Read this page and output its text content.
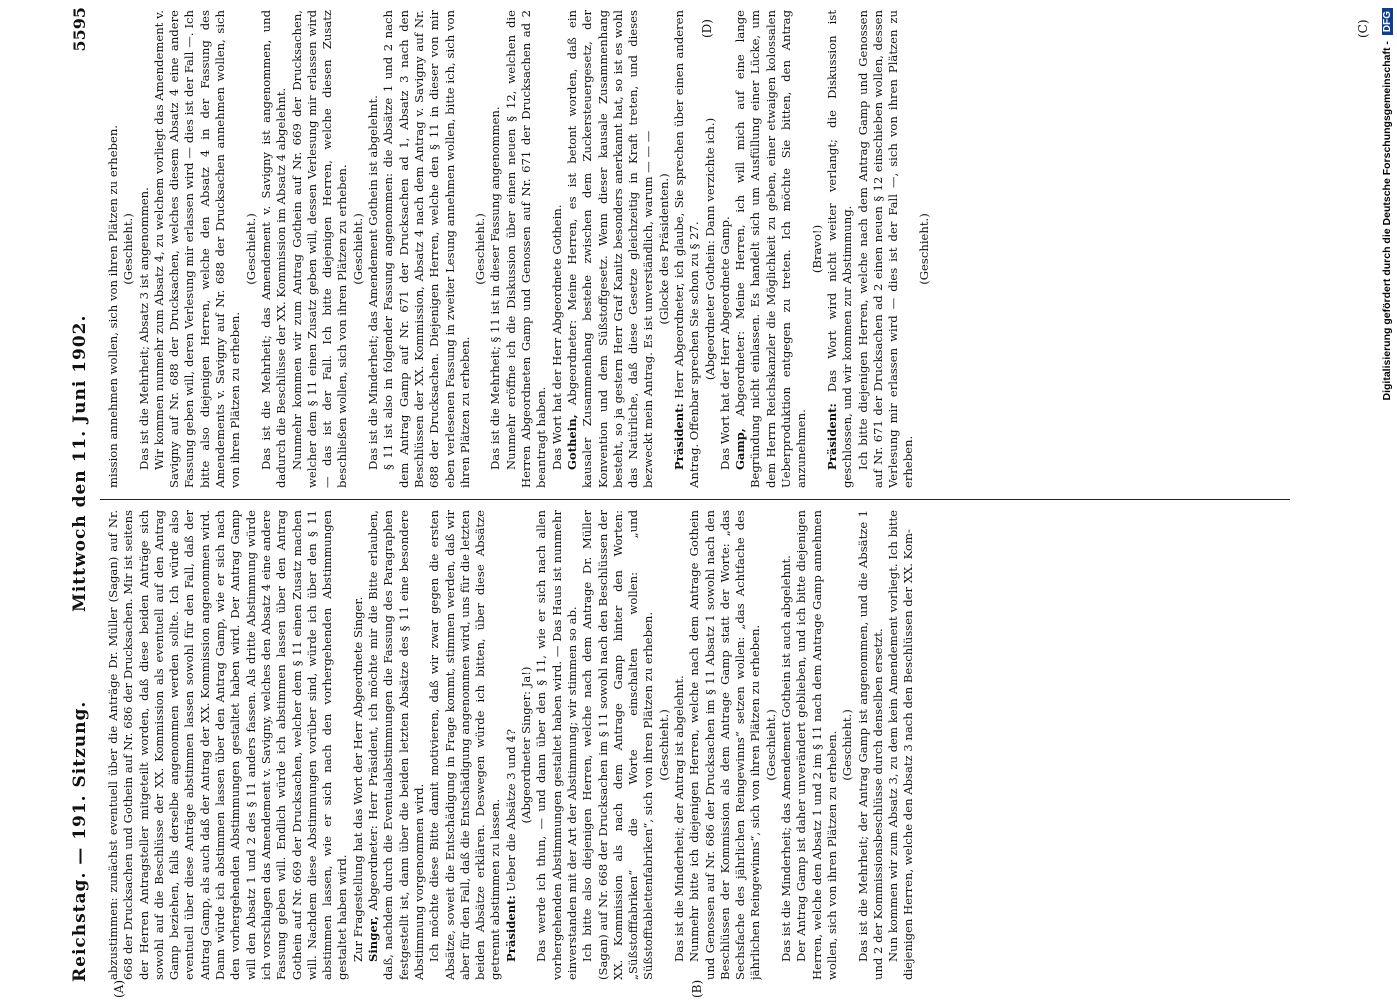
Reichstag. — 191. Sitzung.
Mittwoch den 11. Juni 1902.
5595
(A)	(B)
(C)
(D)

abzustimmen: zunächst eventuell über die Anträge Dr. Müller (Sagan) auf Nr. 668 der Drucksachen und Gothein auf Nr. 686 der Drucksachen. Mir ist seitens der Herren Antragsteller mitgeteilt worden, daß diese beiden Anträge sich sowohl auf die Beschlüsse der XX. Kommission als eventuell auf den Antrag Gamp beziehen, falls derselbe angenommen werden sollte. Ich würde also eventuell über diese Anträge abstimmen lassen sowohl für den Fall, daß der Antrag Gamp, als auch daß der Antrag der XX. Kommission angenommen wird. Dann würde ich abstimmen lassen über den Antrag Gamp, wie er sich nach den vorhergehenden Abstimmungen gestaltet haben wird. Der Antrag Gamp will den Absatz 1 und 2 des § 11 anders fassen. Als dritte Abstimmung würde ich vorschlagen das Amendement v. Savigny, welches den Absatz 4 eine andere Fassung geben will. Endlich würde ich abstimmen lassen über den Antrag Gothein auf Nr. 669 der Drucksachen, welcher dem § 11 einen Zusatz machen will. Nachdem diese Abstimmungen vorüber sind, würde ich über den § 11 abstimmen lassen, wie er sich nach den vorhergehenden Abstimmungen gestaltet haben wird. Zur Fragestellung hat das Wort der Herr Abgeordnete Singer. Singer, Abgeordneter: Herr Präsident, ich möchte mir die Bitte erlauben, daß, nachdem durch die Eventualabstimmungen die Fassung des Paragraphen festgestellt ist, dann über die beiden letzten Absätze des § 11 eine besondere Abstimmung vorgenommen wird. Ich möchte diese Bitte damit motivieren, daß wir zwar gegen die ersten Absätze, soweit die Entschädigung in Frage kommt, stimmen werden, daß wir aber für den Fall, daß die Entschädigung angenommen wird, uns für die letzten beiden Absätze erklären. Deswegen würde ich bitten, über diese Absätze getrennt abstimmen zu lassen. Präsident: Ueber die Absätze 3 und 4? (Abgeordneter Singer: Ja!) Das werde ich thun, — und dann über den § 11, wie er sich nach allen vorhergehenden Abstimmungen gestaltet haben wird. — Das Haus ist nunmehr einverstanden mit der Art der Abstimmung; wir stimmen so ab. Ich bitte also diejenigen Herren, welche nach dem Antrage Dr. Müller (Sagan) auf Nr. 668 der Drucksachen im § 11 sowohl nach den Beschlüssen der XX. Kommission als nach dem Antrage Gamp hinter den Worten: „Süßstofffabriken“ die Worte einschalten wollen: „und Süßstofftablettenfabriken“, sich von ihren Plätzen zu erheben. (Geschieht.) Das ist die Minderheit; der Antrag ist abgelehnt. Nunmehr bitte ich diejenigen Herren, welche nach dem Antrage Gothein und Genossen auf Nr. 686 der Drucksachen im § 11 Absatz 1 sowohl nach den Beschlüssen der Kommission als dem Antrage Gamp statt der Worte: „das Sechsfache des jährlichen Reingewinns“ setzen wollen: „das Achtfache des jährlichen Reingewinns“, sich von ihren Plätzen zu erheben. (Geschieht.) Das ist die Minderheit; das Amendement Gothein ist auch abgelehnt. Der Antrag Gamp ist daher unverändert geblieben, und ich bitte diejenigen Herren, welche den Absatz 1 und 2 im § 11 nach dem Antrage Gamp annehmen wollen, sich von ihren Plätzen zu erheben. (Geschieht.) Das ist die Mehrheit; der Antrag Gamp ist angenommen, und die Absätze 1 und 2 der Kommissionsbeschlüsse durch denselben ersetzt. Nun kommen wir zum Absatz 3, zu dem kein Amendement vorliegt. Ich bitte diejenigen Herren, welche den Absatz 3 nach den Beschlüssen der XX. Kom-

mission annehmen wollen, sich von ihren Plätzen zu erheben. (Geschieht.) Das ist die Mehrheit; Absatz 3 ist angenommen. Wir kommen nunmehr zum Absatz 4, zu welchem vorliegt das Amendement v. Savigny auf Nr. 688 der Drucksachen, welches diesem Absatz 4 eine andere Fassung geben will, deren Verlesung mir erlassen wird — dies ist der Fall —. Ich bitte also diejenigen Herren, welche den Absatz 4 in der Fassung des Amendements v. Savigny auf Nr. 688 der Drucksachen annehmen wollen, sich von ihren Plätzen zu erheben.

(Geschieht.) Das ist die Mehrheit; das Amendement v. Savigny ist angenommen, und dadurch die Beschlüsse der XX. Kommission im Absatz 4 abgelehnt. Nunmehr kommen wir zum Antrag Gothein auf Nr. 669 der Drucksachen, welcher dem § 11 einen Zusatz geben will, dessen Verlesung mir erlassen wird — das ist der Fall. Ich bitte diejenigen Herren, welche diesen Zusatz beschließen wollen, sich von ihren Plätzen zu erheben. (Geschieht.) Das ist die Minderheit; das Amendement Gothein ist abgelehnt. § 11 ist also in folgender Fassung angenommen: die Absätze 1 und 2 nach dem Antrag Gamp auf Nr. 671 der Drucksachen ad 1, Absatz 3 nach den Beschlüssen der XX. Kommission, Absatz 4 nach dem Antrag v. Savigny auf Nr. 688 der Drucksachen. Diejenigen Herren, welche den § 11 in dieser von mir eben verlesenen Fassung in zweiter Lesung annehmen wollen, bitte ich, sich von ihren Plätzen zu erheben.

(Geschieht.) Das ist die Mehrheit; § 11 ist in dieser Fassung angenommen. Nunmehr eröffne ich die Diskussion über einen neuen § 12, welchen die Herren Abgeordneten Gamp und Genossen auf Nr. 671 der Drucksachen ad 2 beantragt haben. Das Wort hat der Herr Abgeordnete Gothein. Gothein, Abgeordneter: Meine Herren, es ist betont worden, daß ein kausaler Zusammenhang bestehe zwischen dem Zuckersteuergesetz, der Konvention und dem Süßstoffgesetz. Wenn dieser kausale Zusammenhang besteht, so ja gestern Herr Graf Kanitz besonders anerkannt hat, so ist es wohl das Natürliche, daß diese Gesetze gleichzeitig in Kraft treten, und dieses bezweckt mein Antrag. Es ist unverständlich, warum — — — (Glocke des Präsidenten.)

Präsident: Herr Abgeordneter, ich glaube, Sie sprechen über einen anderen Antrag. Offenbar sprechen Sie schon zu § 27. (Abgeordneter Gothein: Dann verzichte ich.) Das Wort hat der Herr Abgeordnete Gamp. Gamp, Abgeordneter: Meine Herren, ich will mich auf eine lange Begründung nicht einlassen. Es handelt sich um Ausfüllung einer Lücke, um dem Herrn Reichskanzler die Möglichkeit zu geben, einer etwaigen kolossalen Ueberproduktion entgegen zu treten. Ich möchte Sie bitten, den Antrag anzunehmen.

(Bravo!)

Präsident: Das Wort wird nicht weiter verlangt; die Diskussion ist geschlossen, und wir kommen zur Abstimmung. Ich bitte diejenigen Herren, welche nach dem Antrag Gamp und Genossen auf Nr. 671 der Drucksachen ad 2 einen neuen § 12 einschieben wollen, dessen Verlesung mir erlassen wird — dies ist der Fall —, sich von ihren Plätzen zu erheben.

(Geschieht.)	Digitalisierung gefördert durch die Deutsche Forschungsgemeinschaft -
DFG
